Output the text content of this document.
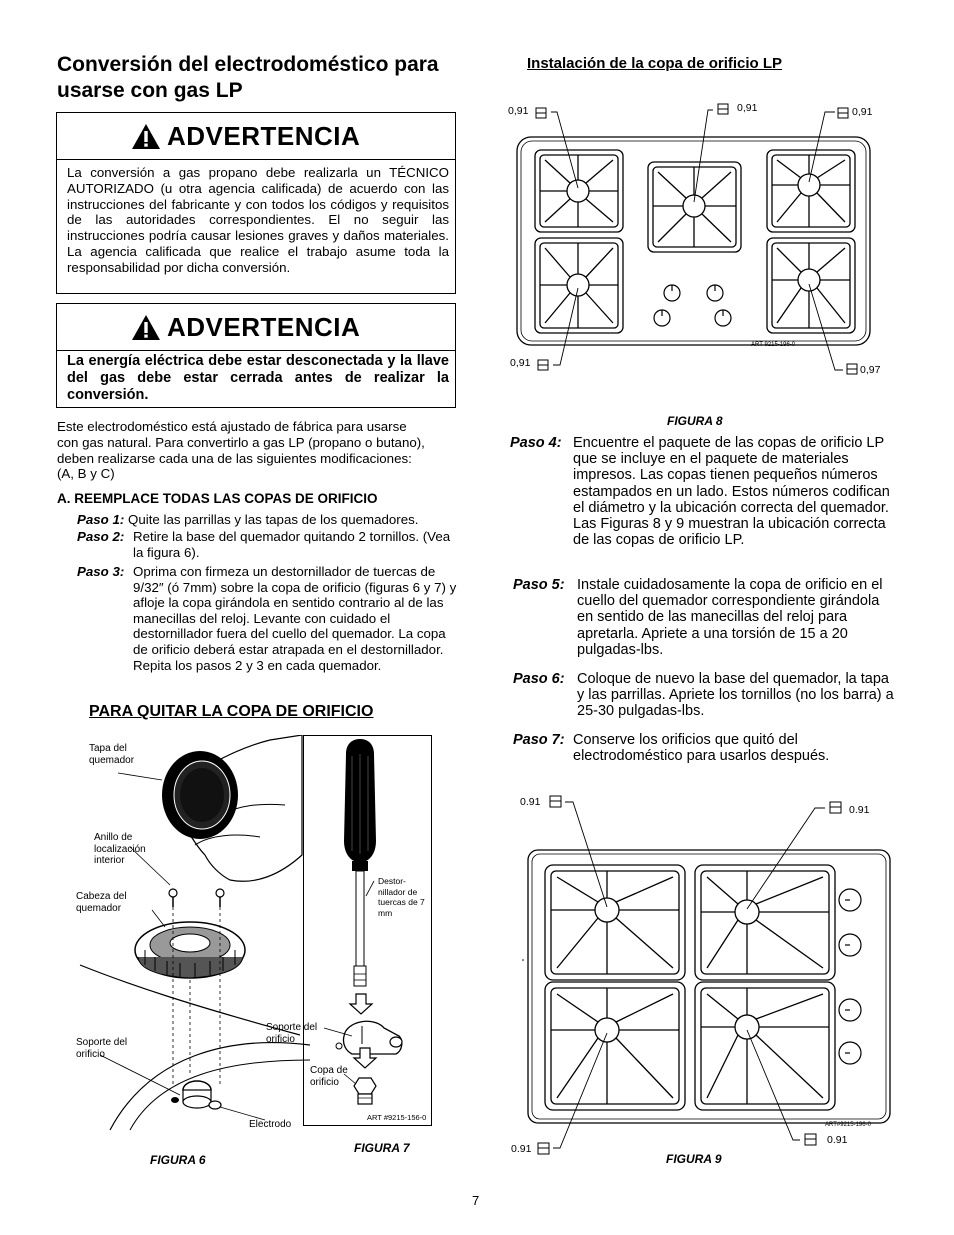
Conversión del electrodoméstico para usarse con gas LP
ADVERTENCIA
La conversión a gas propano debe realizarla un TÉCNICO AUTORIZADO (u otra agencia calificada) de acuerdo con las instrucciones del fabricante y con todos los códigos y requisitos de las autoridades correspondientes. El no seguir las instrucciones podría causar lesiones graves y daños materiales. La agencia calificada que realice el trabajo asume toda la responsabilidad por dicha conversión.
ADVERTENCIA
La energía eléctrica debe estar desconectada y la llave del gas debe estar cerrada antes de realizar la conversión.
Este electrodoméstico está ajustado de fábrica para usarse con gas natural. Para convertirlo a gas LP (propano o butano), deben realizarse cada una de las siguientes modificaciones: (A, B y C)
A. REEMPLACE TODAS LAS COPAS DE ORIFICIO
Paso 1: Quite las parrillas y las tapas de los quemadores.
Paso 2: Retire la base del quemador quitando 2 tornillos. (Vea la figura 6).
Paso 3: Oprima con firmeza un destornillador de tuercas de 9/32″ (ó 7mm) sobre la copa de orificio (figuras 6 y 7) y afloje la copa girándola en sentido contrario al de las manecillas del reloj. Levante con cuidado el destornillador fuera del cuello del quemador. La copa de orificio deberá estar atrapada en el destornillador. Repita los pasos 2 y 3 en cada quemador.
PARA QUITAR LA COPA DE ORIFICIO
Tapa del quemador
Anillo de localización interior
Cabeza del quemador
Soporte del orificio
Electrodo
FIGURA 6
Destor-nillador de tuercas de 7 mm
Soporte del orificio
Copa de orificio
ART #9215-156-0
FIGURA 7
Instalación de la copa de orificio LP
ART 9215-196-0
0,91	0,91	0,91
0,91
0,97
FIGURA 8
Paso 4: Encuentre el paquete de las copas de orificio LP que se incluye en el paquete de materiales impresos. Las copas tienen pequeños números estampados en un lado. Estos números codifican el diámetro y la ubicación correcta del quemador. Las Figuras 8 y 9 muestran la ubicación correcta de las copas de orificio LP.
Paso 5: Instale cuidadosamente la copa de orificio en el cuello del quemador correspondiente girándola en sentido de las manecillas del reloj para apretarla. Apriete a una torsión de 15 a 20 pulgadas-lbs.
Paso 6: Coloque de nuevo la base del quemador, la tapa y las parrillas. Apriete los tornillos (no los barra) a 25-30 pulgadas-lbs.
Paso 7: Conserve los orificios que quitó del electrodoméstico para usarlos después.
ART#9215-196-0
0.91
0.91
0.91
0.91
FIGURA 9
7
